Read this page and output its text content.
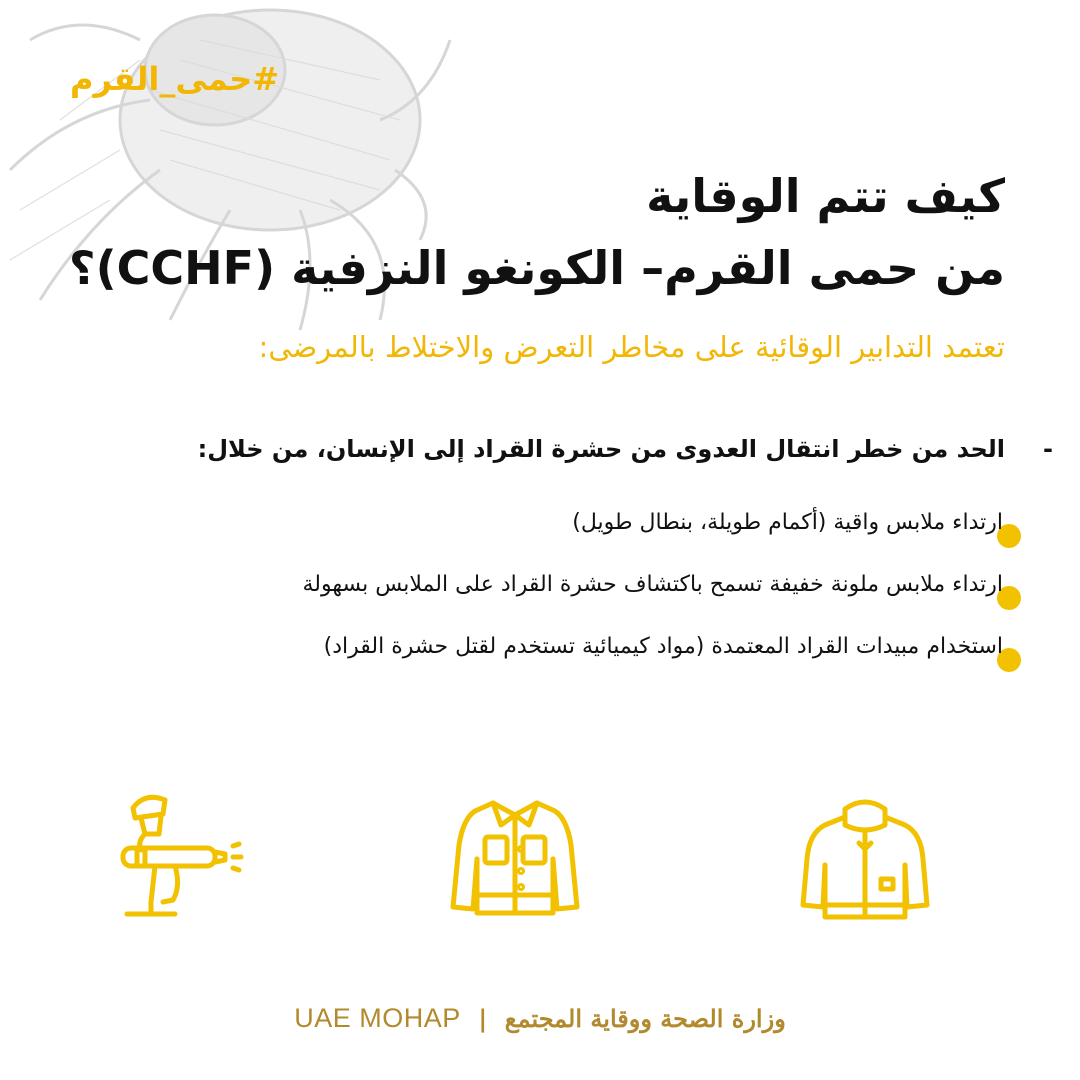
#حمى_القرم
كيف تتم الوقاية
من حمى القرم– الكونغو النزفية (CCHF)؟
تعتمد التدابير الوقائية على مخاطر التعرض والاختلاط بالمرضى:
-
الحد من خطر انتقال العدوى من حشرة القراد إلى الإنسان، من خلال:
ارتداء ملابس واقية (أكمام طويلة، بنطال طويل)
ارتداء ملابس ملونة خفيفة تسمح باكتشاف حشرة القراد على الملابس بسهولة
استخدام مبيدات القراد المعتمدة (مواد كيميائية تستخدم لقتل حشرة القراد)
UAE MOHAP | وزارة الصحة ووقاية المجتمع
